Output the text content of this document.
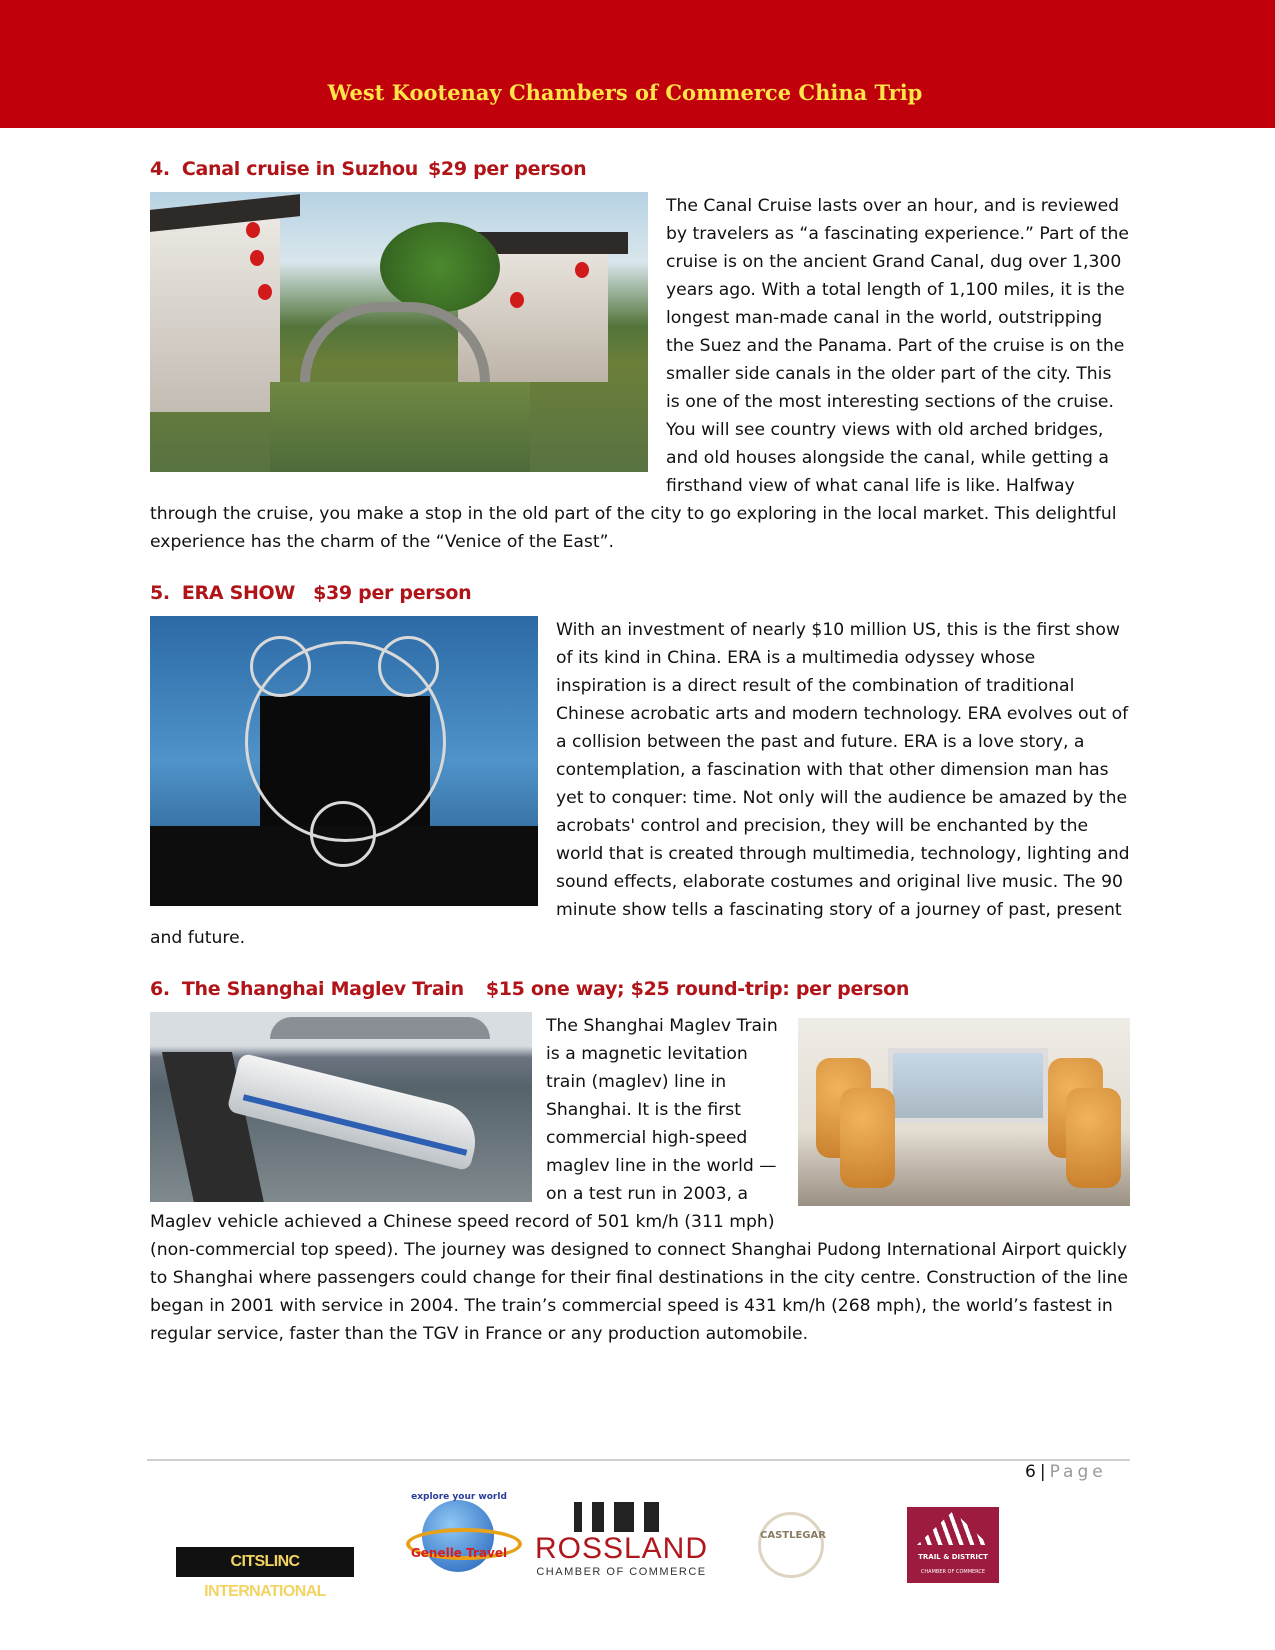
West Kootenay Chambers of Commerce China Trip
4. Canal cruise in Suzhou $29 per person

The Canal Cruise lasts over an hour, and is reviewed by travelers as “a fascinating experience.” Part of the cruise is on the ancient Grand Canal, dug over 1,300 years ago. With a total length of 1,100 miles, it is the longest man-made canal in the world, outstripping the Suez and the Panama. Part of the cruise is on the smaller side canals in the older part of the city. This is one of the most interesting sections of the cruise. You will see country views with old arched bridges, and old houses alongside the canal, while getting a firsthand view of what canal life is like. Halfway through the cruise, you make a stop in the old part of the city to go exploring in the local market. This delightful experience has the charm of the “Venice of the East”.

5. ERA SHOW $39 per person

With an investment of nearly $10 million US, this is the first show of its kind in China. ERA is a multimedia odyssey whose inspiration is a direct result of the combination of traditional Chinese acrobatic arts and modern technology. ERA evolves out of a collision between the past and future. ERA is a love story, a contemplation, a fascination with that other dimension man has yet to conquer: time. Not only will the audience be amazed by the acrobats' control and precision, they will be enchanted by the world that is created through multimedia, technology, lighting and sound effects, elaborate costumes and original live music. The 90 minute show tells a fascinating story of a journey of past, present and future.

6. The Shanghai Maglev Train $15 one way; $25 round-trip: per person

The Shanghai Maglev Train is a magnetic levitation train (maglev) line in Shanghai. It is the first commercial high-speed maglev line in the world — on a test run in 2003, a Maglev vehicle achieved a Chinese speed record of 501 km/h (311 mph) (non-commercial top speed). The journey was designed to connect Shanghai Pudong International Airport quickly to Shanghai where passengers could change for their final destinations in the city centre. Construction of the line began in 2001 with service in 2004. The train’s commercial speed is 431 km/h (268 mph), the world’s fastest in regular service, faster than the TGV in France or any production automobile.

6 | Page
CITSLINC INTERNATIONAL
explore your world
Genelle Travel ROSSLAND
CHAMBER OF COMMERCE
CASTLEGAR
TRAIL & DISTRICT
CHAMBER OF COMMERCE
